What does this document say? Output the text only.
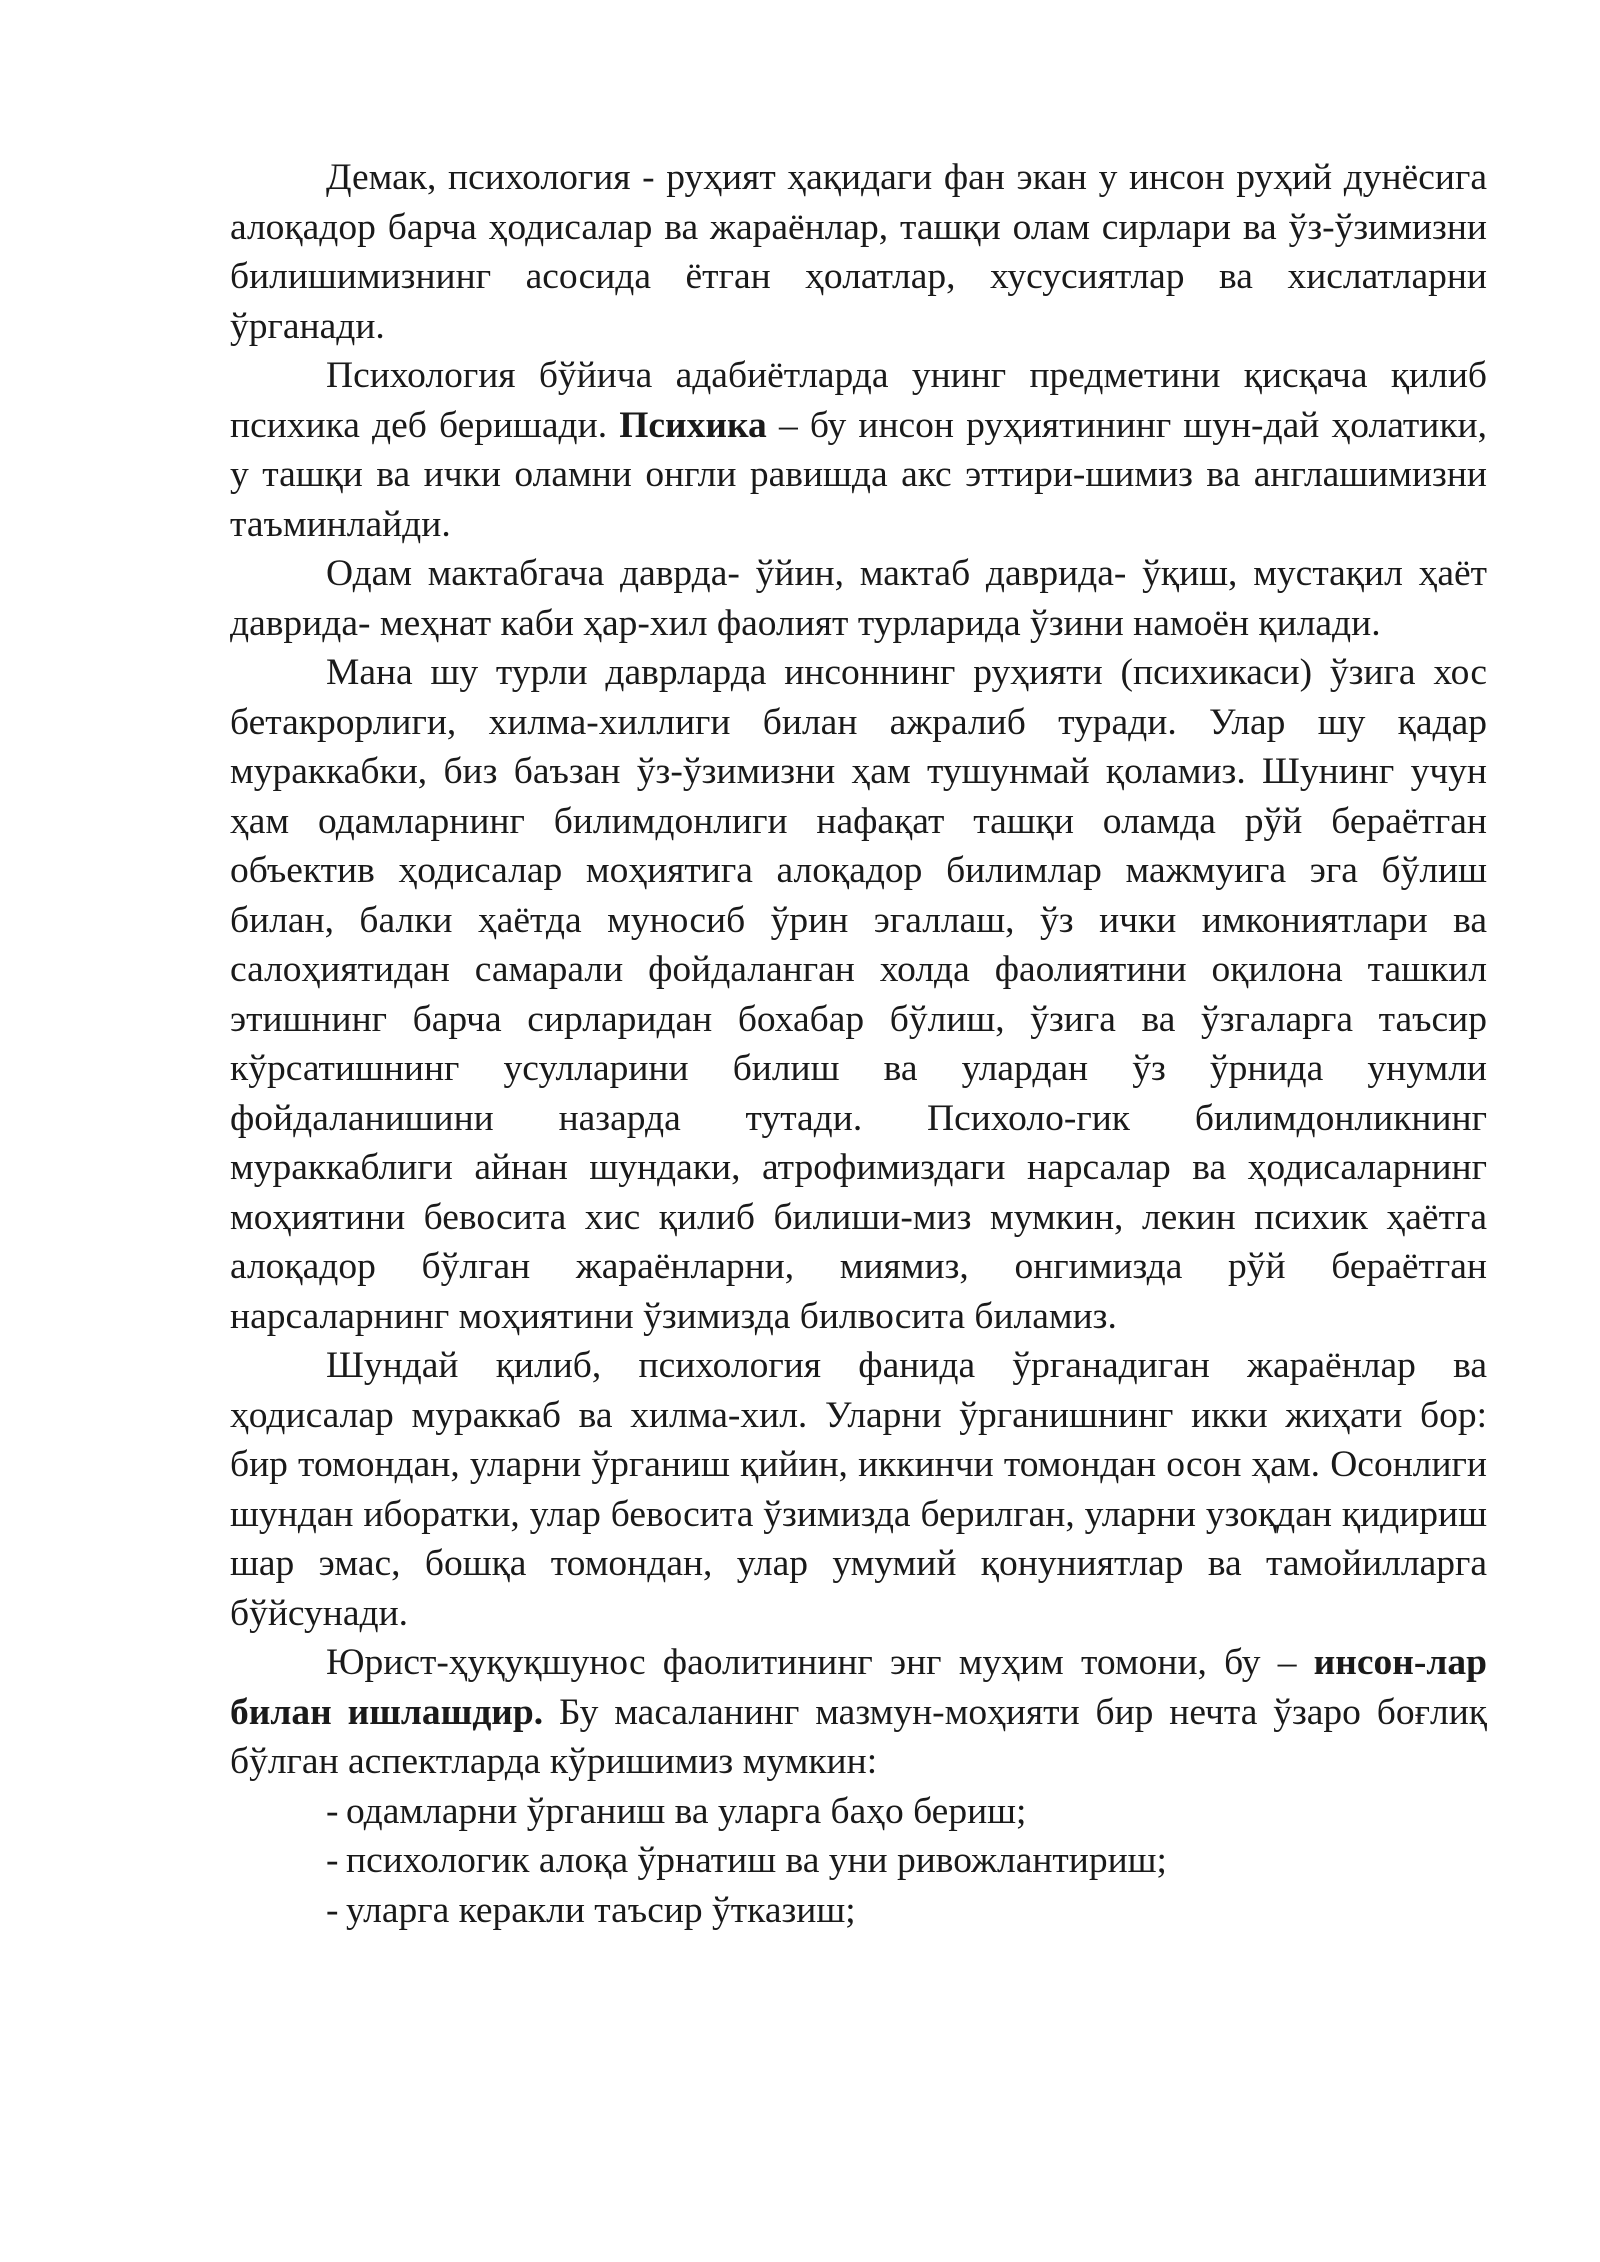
Демак, психология - руҳият ҳақидаги фан экан у инсон руҳий дунёсига алоқадор барча ҳодисалар ва жараёнлар, ташқи олам сирлари ва ўз-ўзимизни билишимизнинг асосида ётган ҳолатлар, хусусиятлар ва хислатларни ўрганади.

Психология бўйича адабиётларда унинг предметини қисқача қилиб психика деб беришади. Психика – бу инсон руҳиятининг шун-дай ҳолатики, у ташқи ва ички оламни онгли равишда акс эттири-шимиз ва англашимизни таъминлайди.

Одам мактабгача даврда- ўйин, мактаб даврида- ўқиш, мустақил ҳаёт даврида- меҳнат каби ҳар-хил фаолият турларида ўзини намоён қилади.

Мана шу турли даврларда инсоннинг руҳияти (психикаси) ўзига хос бетакрорлиги, хилма-хиллиги билан ажралиб туради. Улар шу қадар мураккабки, биз баъзан ўз-ўзимизни ҳам тушунмай қоламиз. Шунинг учун ҳам одамларнинг билимдонлиги нафақат ташқи оламда рўй бераётган объектив ҳодисалар моҳиятига алоқадор билимлар мажмуига эга бўлиш билан, балки ҳаётда муносиб ўрин эгаллаш, ўз ички имкониятлари ва салоҳиятидан самарали фойдаланган холда фаолиятини оқилона ташкил этишнинг барча сирларидан бохабар бўлиш, ўзига ва ўзгаларга таъсир кўрсатишнинг усулларини билиш ва улардан ўз ўрнида унумли фойдаланишини назарда тутади. Психоло-гик билимдонликнинг мураккаблиги айнан шундаки, атрофимиздаги нарсалар ва ҳодисаларнинг моҳиятини бевосита хис қилиб билиши-миз мумкин, лекин психик ҳаётга алоқадор бўлган жараёнларни, миямиз, онгимизда рўй бераётган нарсаларнинг моҳиятини ўзимизда билвосита биламиз.

Шундай қилиб, психология фанида ўрганадиган жараёнлар ва ҳодисалар мураккаб ва хилма-хил. Уларни ўрганишнинг икки жиҳати бор: бир томондан, уларни ўрганиш қийин, иккинчи томондан осон ҳам. Осонлиги шундан иборатки, улар бевосита ўзимизда берилган, уларни узоқдан қидириш шар эмас, бошқа томондан, улар умумий қонуниятлар ва тамойилларга бўйсунади.

Юрист-ҳуқуқшунос фаолитининг энг муҳим томони, бу – инсон-лар билан ишлашдир. Бу масаланинг мазмун-моҳияти бир нечта ўзаро боғлиқ бўлган аспектларда кўришимиз мумкин:

- одамларни ўрганиш ва уларга баҳо бериш;
- психологик алоқа ўрнатиш ва уни ривожлантириш;
- уларга керакли таъсир ўтказиш;
